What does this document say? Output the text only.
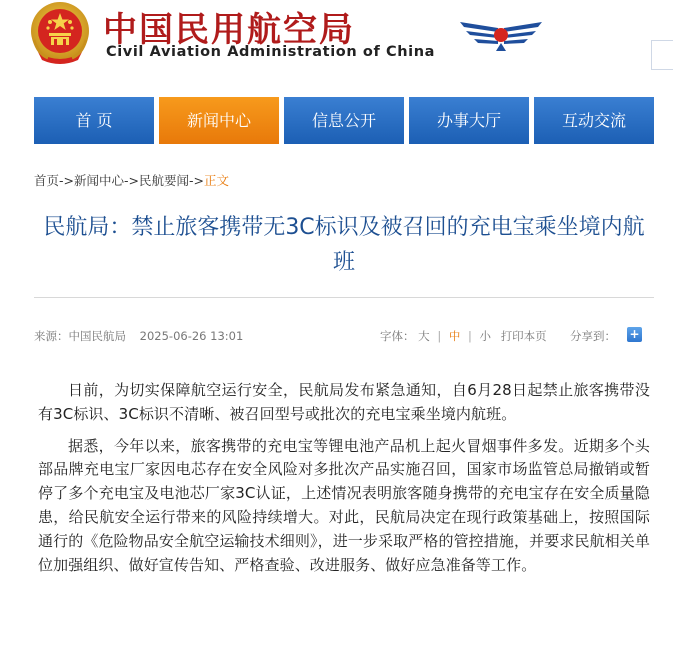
中国民用航空局
Civil Aviation Administration of China
首 页	新闻中心	信息公开	办事大厅	互动交流
首页->新闻中心->民航要闻->正文
民航局：禁止旅客携带无3C标识及被召回的充电宝乘坐境内航班
来源：中国民航局 2025-06-26 13:01	字体： 大 | 中 | 小 打印本页 分享到： +

日前，为切实保障航空运行安全，民航局发布紧急通知，自6月28日起禁止旅客携带没有3C标识、3C标识不清晰、被召回型号或批次的充电宝乘坐境内航班。

据悉，今年以来，旅客携带的充电宝等锂电池产品机上起火冒烟事件多发。近期多个头部品牌充电宝厂家因电芯存在安全风险对多批次产品实施召回，国家市场监管总局撤销或暂停了多个充电宝及电池芯厂家3C认证，上述情况表明旅客随身携带的充电宝存在安全质量隐患，给民航安全运行带来的风险持续增大。对此，民航局决定在现行政策基础上，按照国际通行的《危险物品安全航空运输技术细则》，进一步采取严格的管控措施，并要求民航相关单位加强组织、做好宣传告知、严格查验、改进服务、做好应急准备等工作。
